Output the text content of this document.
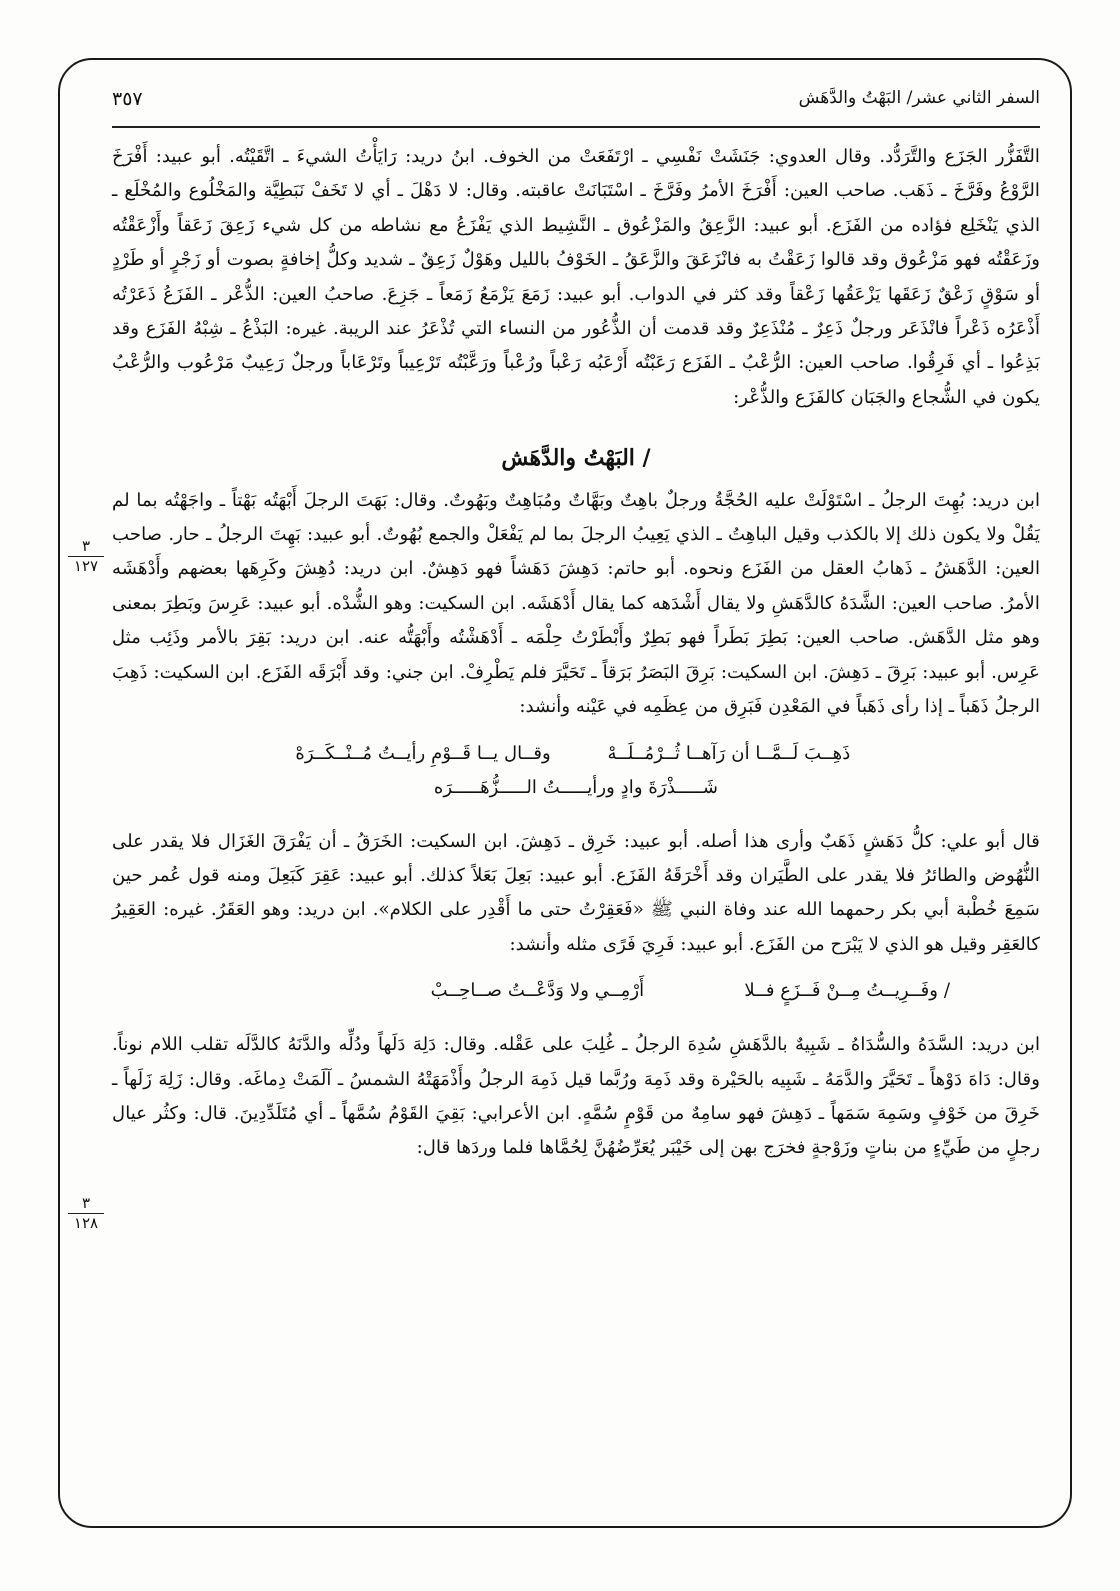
السفر الثاني عشر/ البَهْتُ والدَّهَش
٣٥٧
٣
١٢٧
٣
١٢٨

التَّفَزُّر الجَزَع والتَّرَدُّد. وقال العدوي: جَنَشَتْ نَفْسِي ـ ارْتَفَعَتْ من الخوف. ابنُ دريد: رَايَأْتُ الشيءَ ـ اتَّقَيْتُه. أبو عبيد: أَفْرَخَ الرَّوْعُ وفَرَّخَ ـ ذَهَب. صاحب العين: أَفْرَخَ الأمرُ وفَرَّخَ ـ اسْتَبَانَتْ عاقبته. وقال: لا دَهْلَ ـ أي لا تَخَفْ نَبَطِيَّة والمَخْلُوع والمُخْلَع ـ الذي يَنْخَلِع فؤاده من الفَزَع. أبو عبيد: الزَّعِقُ والمَزْعُوق ـ النَّشِيط الذي يَفْزَعُ مع نشاطه من كل شيء زَعِقَ زَعَقاً وأَزْعَقْتُه وزَعَقْتُه فهو مَزْعُوق وقد قالوا زَعَقْتُ به فانْزَعَقَ والزَّعَقُ ـ الخَوْفُ بالليل وهَوْلٌ زَعِقٌ ـ شديد وكلُّ إخافةٍ بصوت أو زَجْرٍ أو طَرْدٍ أو سَوْقٍ زَعْقٌ زَعَقَها يَزْعَقُها زَعْقاً وقد كثر في الدواب. أبو عبيد: زَمَعَ يَزْمَعُ زَمَعاً ـ جَزِعَ. صاحبُ العين: الذُّعْر ـ الفَزَعُ ذَعَرْتُه أَذْعَرُه ذَعْراً فانْذَعَر ورجلٌ ذَعِرٌ ـ مُنْذَعِرٌ وقد قدمت أن الذُّعُور من النساء التي تُذْعَرُ عند الريبة. غيره: البَذْعُ ـ شِبْهُ الفَزَع وقد بَذِعُوا ـ أي فَرِقُوا. صاحب العين: الرُّعْبُ ـ الفَزَع رَعَبْتُه أَرْعَبُه رَعْباً ورُعْباً ورَعَّبْتُه تَرْعِيباً وتَرْعَاباً ورجلٌ رَعِيبٌ مَرْعُوب والرُّعْبُ يكون في الشُّجاع والجَبَان كالفَزَع والذُّعْر:

/ البَهْتُ والدَّهَش

ابن دريد: بُهِتَ الرجلُ ـ اسْتَوْلَتْ عليه الحُجَّةُ ورجلٌ باهِتٌ وبَهَّاتٌ ومُبَاهِتٌ وبَهُوتٌ. وقال: بَهَتَ الرجلَ أَبْهَتُه بَهْتاً ـ واجَهْتُه بما لم يَقُلْ ولا يكون ذلك إلا بالكذب وقيل الباهِتُ ـ الذي يَعِيبُ الرجلَ بما لم يَفْعَلْ والجمع بُهُوتٌ. أبو عبيد: بَهِتَ الرجلُ ـ حار. صاحب العين: الدَّهَشُ ـ ذَهابُ العقل من الفَزَع ونحوه. أبو حاتم: دَهِشَ دَهَشاً فهو دَهِشٌ. ابن دريد: دُهِشَ وكَرِهَها بعضهم وأَدْهَشَه الأمرُ. صاحب العين: الشَّدَهُ كالدَّهَشِ ولا يقال أَشْدَهه كما يقال أَدْهَشَه. ابن السكيت: وهو الشُّدْه. أبو عبيد: عَرِسَ وبَطِرَ بمعنى وهو مثل الدَّهَش. صاحب العين: بَطِرَ بَطَراً فهو بَطِرٌ وأَبْطَرْتُ حِلْمَه ـ أَدْهَشْتُه وأَبْهَتُّه عنه. ابن دريد: بَقِرَ بالأمر وذَئِب مثل عَرِس. أبو عبيد: بَرِقَ ـ دَهِشَ. ابن السكيت: بَرِقَ البَصَرُ بَرَقاً ـ تَحَيَّرَ فلم يَطْرِفْ. ابن جني: وقد أَبْرَقَه الفَزَع. ابن السكيت: ذَهِبَ الرجلُ ذَهَباً ـ إذا رأى ذَهَباً في المَعْدِن فَبَرِق من عِظَمِه في عَيْنه وأنشد:

ذَهِــبَ لَــمَّــا أن رَآهــا ثُــرْمُــلَــهْ وقــال يــا قَــوْمِ رأيــتُ مُــنْــكَــرَهْ
شَـــــذْرَةَ وادٍ ورأيـــــتُ الـــــزُّهَـــــرَه

قال أبو علي: كلُّ دَهَشٍ ذَهَبٌ وأرى هذا أصله. أبو عبيد: خَرِق ـ دَهِشَ. ابن السكيت: الخَرَقُ ـ أن يَفْرَقَ الغَزَال فلا يقدر على النُّهُوض والطائرُ فلا يقدر على الطَّيَران وقد أَخْرَقَهُ الفَزَع. أبو عبيد: بَعِلَ بَعَلاً كذلك. أبو عبيد: عَقِرَ كَبَعِلَ ومنه قول عُمر حين سَمِعَ خُطْبة أبي بكر رحمهما الله عند وفاة النبي ﷺ «فَعَقِرْتُ حتى ما أَقْدِر على الكلام». ابن دريد: وهو العَقَرُ. غيره: العَقِيرُ كالعَقِر وقيل هو الذي لا يَبْرَح من الفَزَع. أبو عبيد: فَرِيَ فَرًى مثله وأنشد:

/ وفَــرِيــتُ مِــنْ فَــزَعٍ فــلا أَرْمِــي ولا وَدَّعْــتُ صــاحِــبْ

ابن دريد: السَّدَهُ والسُّدَاهُ ـ شَبِيهٌ بالدَّهَشِ سُدِهَ الرجلُ ـ غُلِبَ على عَقْله. وقال: دَلِهَ دَلَهاً ودُلِّه والدَّنَهُ كالدَّلَه تقلب اللام نوناً. وقال: دَاهَ دَوْهاً ـ تَحَيَّرَ والدَّمَهُ ـ شَبِيه بالحَيْرة وقد ذَمِهَ ورُبَّما قيل ذَمِهَ الرجلُ وأَذْمَهَتْهُ الشمسُ ـ آلَمَتْ دِماغَه. وقال: زَلِهَ زَلَهاً ـ خَرِقَ من خَوْفٍ وسَمِهَ سَمَهاً ـ دَهِشَ فهو سامِهٌ من قَوْمٍ سُمَّهٍ. ابن الأعرابي: بَقِيَ القَوْمُ سُمَّهاً ـ أي مُتَلَدِّدِينَ. قال: وكثُر عيال رجلٍ من طَيِّءٍ من بناتٍ وزَوْجةٍ فخرَج بهن إلى خَيْبَر يُعَرِّضُهُنَّ لِحُمَّاها فلما وردَها قال:
